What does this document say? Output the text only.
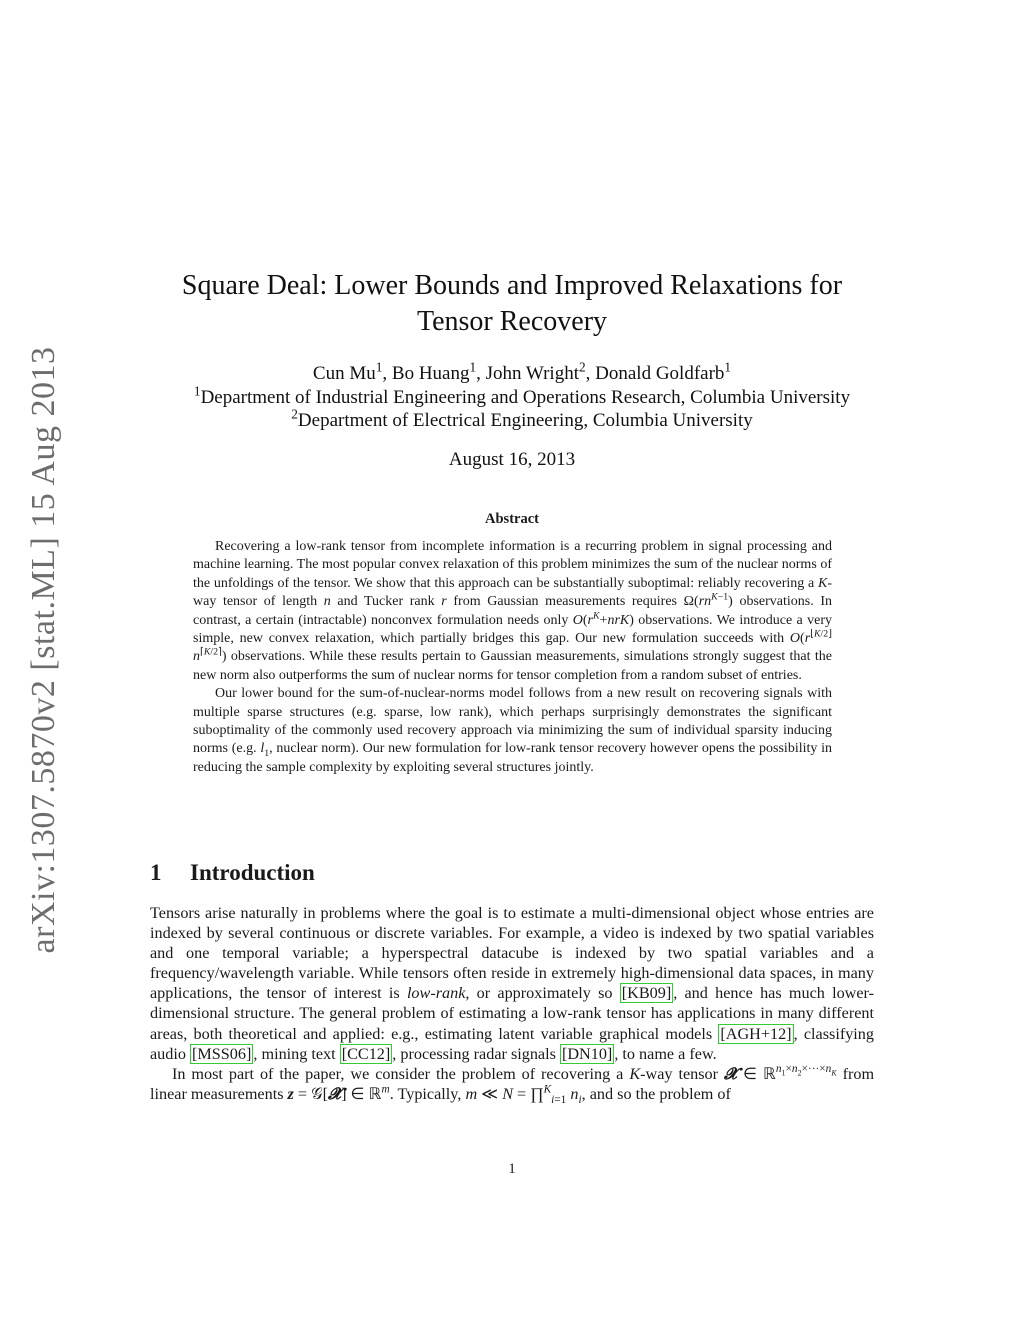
arXiv:1307.5870v2 [stat.ML] 15 Aug 2013
Square Deal: Lower Bounds and Improved Relaxations for
Tensor Recovery
Cun Mu$^1$, Bo Huang$^1$, John Wright$^2$, Donald Goldfarb$^1$
$^1$Department of Industrial Engineering and Operations Research, Columbia University
$^2$Department of Electrical Engineering, Columbia University
August 16, 2013
Abstract

Recovering a low-rank tensor from incomplete information is a recurring problem in signal processing and machine learning. The most popular convex relaxation of this problem minimizes the sum of the nuclear norms of the unfoldings of the tensor. We show that this approach can be substantially suboptimal: reliably recovering a K-way tensor of length n and Tucker rank r from Gaussian measurements requires $\Omega(rn^{K-1})$ observations. In contrast, a certain (intractable) nonconvex formulation needs only $O(r^K+nrK)$ observations. We introduce a very simple, new convex relaxation, which partially bridges this gap. Our new formulation succeeds with $O(r^{⌊K/2⌋}n^{⌈K/2⌉})$ observations. While these results pertain to Gaussian measurements, simulations strongly suggest that the new norm also outperforms the sum of nuclear norms for tensor completion from a random subset of entries.

Our lower bound for the sum-of-nuclear-norms model follows from a new result on recovering signals with multiple sparse structures (e.g. sparse, low rank), which perhaps surprisingly demonstrates the significant suboptimality of the commonly used recovery approach via minimizing the sum of individual sparsity inducing norms (e.g. $l_1$, nuclear norm). Our new formulation for low-rank tensor recovery however opens the possibility in reducing the sample complexity by exploiting several structures jointly.

1 Introduction

Tensors arise naturally in problems where the goal is to estimate a multi-dimensional object whose entries are indexed by several continuous or discrete variables. For example, a video is indexed by two spatial variables and one temporal variable; a hyperspectral datacube is indexed by two spatial variables and a frequency/wavelength variable. While tensors often reside in extremely high-dimensional data spaces, in many applications, the tensor of interest is low-rank, or approximately so [KB09] , and hence has much lower-dimensional structure. The general problem of estimating a low-rank tensor has applications in many different areas, both theoretical and applied: e.g., estimating latent variable graphical models [AGH+12] , classifying audio [MSS06] , mining text [CC12] , processing radar signals [DN10] , to name a few.

In most part of the paper, we consider the problem of recovering a K-way tensor 𝓧 ∈ ℝ$^{n_1\times n_2\times\cdot\cdot\cdot\times n_K}$ from linear measurements z = 𝒢[𝓧] ∈ ℝ$^m$. Typically, m ≪ N = ∏$^K_{i=1}$ $n_i$, and so the problem of

1
